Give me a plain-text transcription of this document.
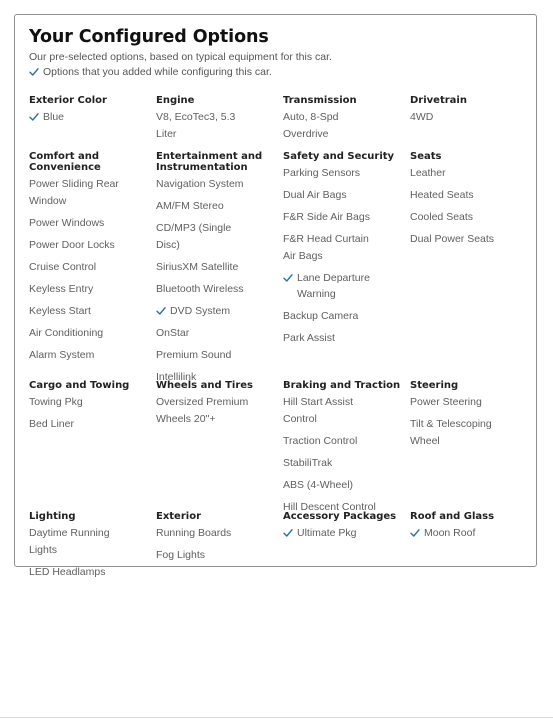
Your Configured Options
Our pre-selected options, based on typical equipment for this car.
Options that you added while configuring this car.
Exterior Color
Blue
Engine
V8, EcoTec3, 5.3 Liter
Transmission
Auto, 8-Spd Overdrive
Drivetrain
4WD
Comfort and Convenience
Power Sliding Rear Window
Power Windows
Power Door Locks
Cruise Control
Keyless Entry
Keyless Start
Air Conditioning
Alarm System
Entertainment and Instrumentation
Navigation System
AM/FM Stereo
CD/MP3 (Single Disc)
SiriusXM Satellite
Bluetooth Wireless
DVD System
OnStar
Premium Sound
Intellilink
Safety and Security
Parking Sensors
Dual Air Bags
F&R Side Air Bags
F&R Head Curtain Air Bags
Lane Departure Warning
Backup Camera
Park Assist
Seats
Leather
Heated Seats
Cooled Seats
Dual Power Seats
Cargo and Towing
Towing Pkg
Bed Liner
Wheels and Tires
Oversized Premium Wheels 20"+
Braking and Traction
Hill Start Assist Control
Traction Control
StabiliTrak
ABS (4-Wheel)
Hill Descent Control
Steering
Power Steering
Tilt & Telescoping Wheel
Lighting
Daytime Running Lights
LED Headlamps
Exterior
Running Boards
Fog Lights
Accessory Packages
Ultimate Pkg
Roof and Glass
Moon Roof
